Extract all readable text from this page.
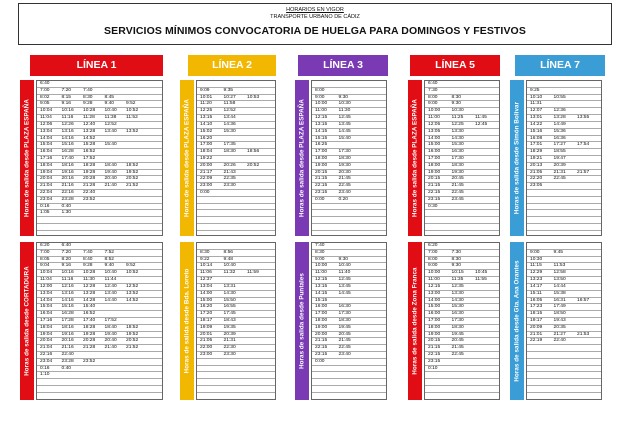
HORARIOS EN VIGOR
TRANSPORTE URBANO DE CÁDIZ
SERVICIOS MÍNIMOS CONVOCATORIA DE HUELGA PARA DOMINGOS Y FESTIVOS
LÍNEA 1
Horas de salida desde PLAZA ESPAÑA
6:40
7:00	7:20	7:40
8:02	8:15	8:30	8:45
9:05	9:16	9:28	9:40	9:52
10:04	10:16	10:28	10:40	10:52
11:04	11:16	11:28	11:38	11:52
12:06	12:26	12:40	12:52
13:04	13:16	13:28	13:40	13:52
14:04	14:16	14:52
15:04	15:16	15:28	15:40
16:04	16:28	16:52
17:16	17:40	17:52
18:04	18:16	18:28	18:40	18:52
19:04	19:16	19:28	19:40	19:52
20:04	20:16	20:28	20:40	20:52
21:04	21:16	21:28	21:40	21:52
22:04	22:16	22:40
23:04	23:28	23:52
0:16	0:40
1:05	1:30
Horas de salida desde CORTADURA
6:20	6:40
7:00	7:20	7:40	7:52
8:05	8:20	8:40	8:52
9:04	9:16	9:28	9:40	9:52
10:04	10:16	10:28	10:40	10:52
11:04	11:16	11:30	11:44
12:00	12:16	12:28	12:40	12:52
13:04	13:16	13:28	13:40	13:52
14:04	14:16	14:28	14:40	14:52
15:04	15:16	15:40
16:04	16:28	16:52
17:16	17:28	17:40	17:52
18:04	18:16	18:28	18:40	18:52
19:04	19:16	19:28	19:40	19:52
20:04	20:16	20:28	20:40	20:52
21:04	21:16	21:28	21:40	21:52
22:16	22:40
23:04	23:28	23:52
0:16	0:40
1:10
LÍNEA 2
Horas de salida desde PLAZA ESPAÑA
9:09	9:35
10:01	10:27	10:53
11:20	11:58
12:25	12:52
13:15	13:44
14:10	14:36
15:02	15:30
16:20
17:00	17:35
18:04	18:30	18:56
19:22
20:00	20:26	20:52
21:17	21:43
22:09	22:35
23:00	23:30
0:00
Horas de salida desde Bda. Loreto
8:30	8:56
9:22	9:48
10:14	10:40
11:06	11:32	11:59
12:37
13:04	13:31
14:00	14:30
15:00	15:50
16:20	16:55
17:20	17:45
18:17	18:43
19:09	19:35
20:01	20:39
21:05	21:31
22:00	22:30
23:00	23:30
LÍNEA 3
Horas de salida desde PLAZA ESPAÑA
8:00
9:00	9:30
10:00	10:30
11:00	11:30
12:15	12:45
13:15	13:45
14:15	14:45
15:15	15:40
16:25
17:00	17:30
18:00	18:30
19:00	19:30
20:15	20:30
21:15	21:45
22:15	22:45
23:15	23:40
0:00	0:20
Horas de salida desde Puntales
7:40
8:30
9:00	9:30
10:00	10:40
11:00	11:40
12:15	12:45
13:15	13:45
14:15	14:45
15:15
16:00	16:30
17:00	17:30
18:00	18:30
19:00	19:45
20:00	20:45
21:15	21:45
22:15	22:45
23:15	23:40
0:00
LÍNEA 5
Horas de salida desde PLAZA ESPAÑA
6:40
7:30
8:00	8:30
9:00	9:30
10:00	10:30
11:00	11:25	11:45
12:05	12:25	12:45
13:05	13:30
14:00	14:30
15:00	15:30
16:00	16:30
17:00	17:30
18:00	18:30
19:00	19:30
20:15	20:45
21:15	21:45
22:15	22:45
23:15	23:45
0:30
Horas de salida desde Zona Franca
6:20
7:00	7:30
8:00	8:30
9:00	9:30
10:00	10:15	10:45
11:00	11:35	11:55
12:15	12:35
13:00	13:30
14:00	14:30
15:00	15:30
16:00	16:30
17:00	17:30
18:00	18:30
19:00	19:45
20:15	20:45
21:15	21:45
22:15	22:45
23:15
0:10
LÍNEA 7
Horas de salida desde Simón Bolivar
9:25
10:10	10:55
11:31
12:07	12:36
13:01	13:28	13:55
14:22	14:49
15:16	15:36
16:08	16:36
17:01	17:27	17:54
18:29	18:55
19:21	19:47
20:13	20:39
21:05	21:31	21:57
22:20	22:45
23:05
Horas de salida desde Gta. Ana Orantes
9:00	9:45
10:30
11:15	11:53
12:29	12:58
13:23	13:50
14:17	14:44
15:11	15:38
16:05	16:31	16:57
17:23	17:49
18:15	18:50
19:17	19:43
20:09	20:35
21:01	21:27	21:53
22:19	22:40
